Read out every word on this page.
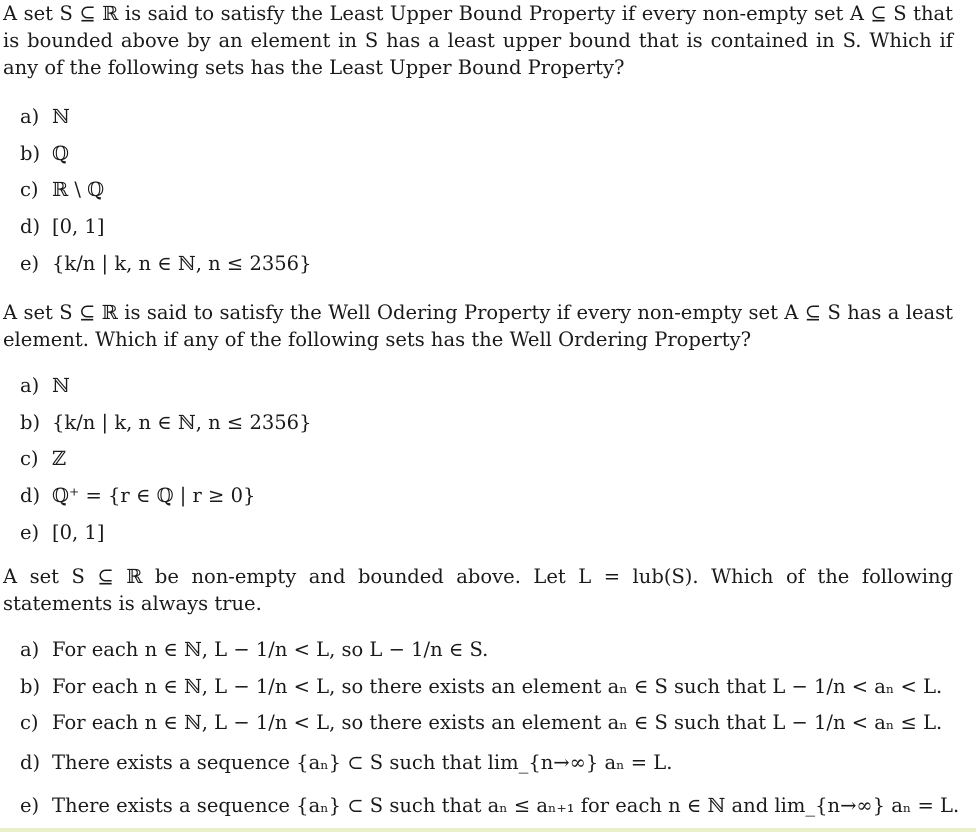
A set S ⊆ ℝ is said to satisfy the Least Upper Bound Property if every non-empty set A ⊆ S that is bounded above by an element in S has a least upper bound that is contained in S. Which if any of the following sets has the Least Upper Bound Property?

a) ℕ
b) ℚ
c) ℝ \ ℚ
d) [0, 1]
e) {k/n | k, n ∈ ℕ, n ≤ 2356}

A set S ⊆ ℝ is said to satisfy the Well Odering Property if every non-empty set A ⊆ S has a least element. Which if any of the following sets has the Well Ordering Property?

a) ℕ
b) {k/n | k, n ∈ ℕ, n ≤ 2356}
c) ℤ
d) ℚ⁺ = {r ∈ ℚ | r ≥ 0}
e) [0, 1]

A set S ⊆ ℝ be non-empty and bounded above. Let L = lub(S). Which of the following statements is always true.

a) For each n ∈ ℕ, L − 1/n < L, so L − 1/n ∈ S.
b) For each n ∈ ℕ, L − 1/n < L, so there exists an element aₙ ∈ S such that L − 1/n < aₙ < L.
c) For each n ∈ ℕ, L − 1/n < L, so there exists an element aₙ ∈ S such that L − 1/n < aₙ ≤ L.
d) There exists a sequence {aₙ} ⊂ S such that lim_{n→∞} aₙ = L.
e) There exists a sequence {aₙ} ⊂ S such that aₙ ≤ aₙ₊₁ for each n ∈ ℕ and lim_{n→∞} aₙ = L.
